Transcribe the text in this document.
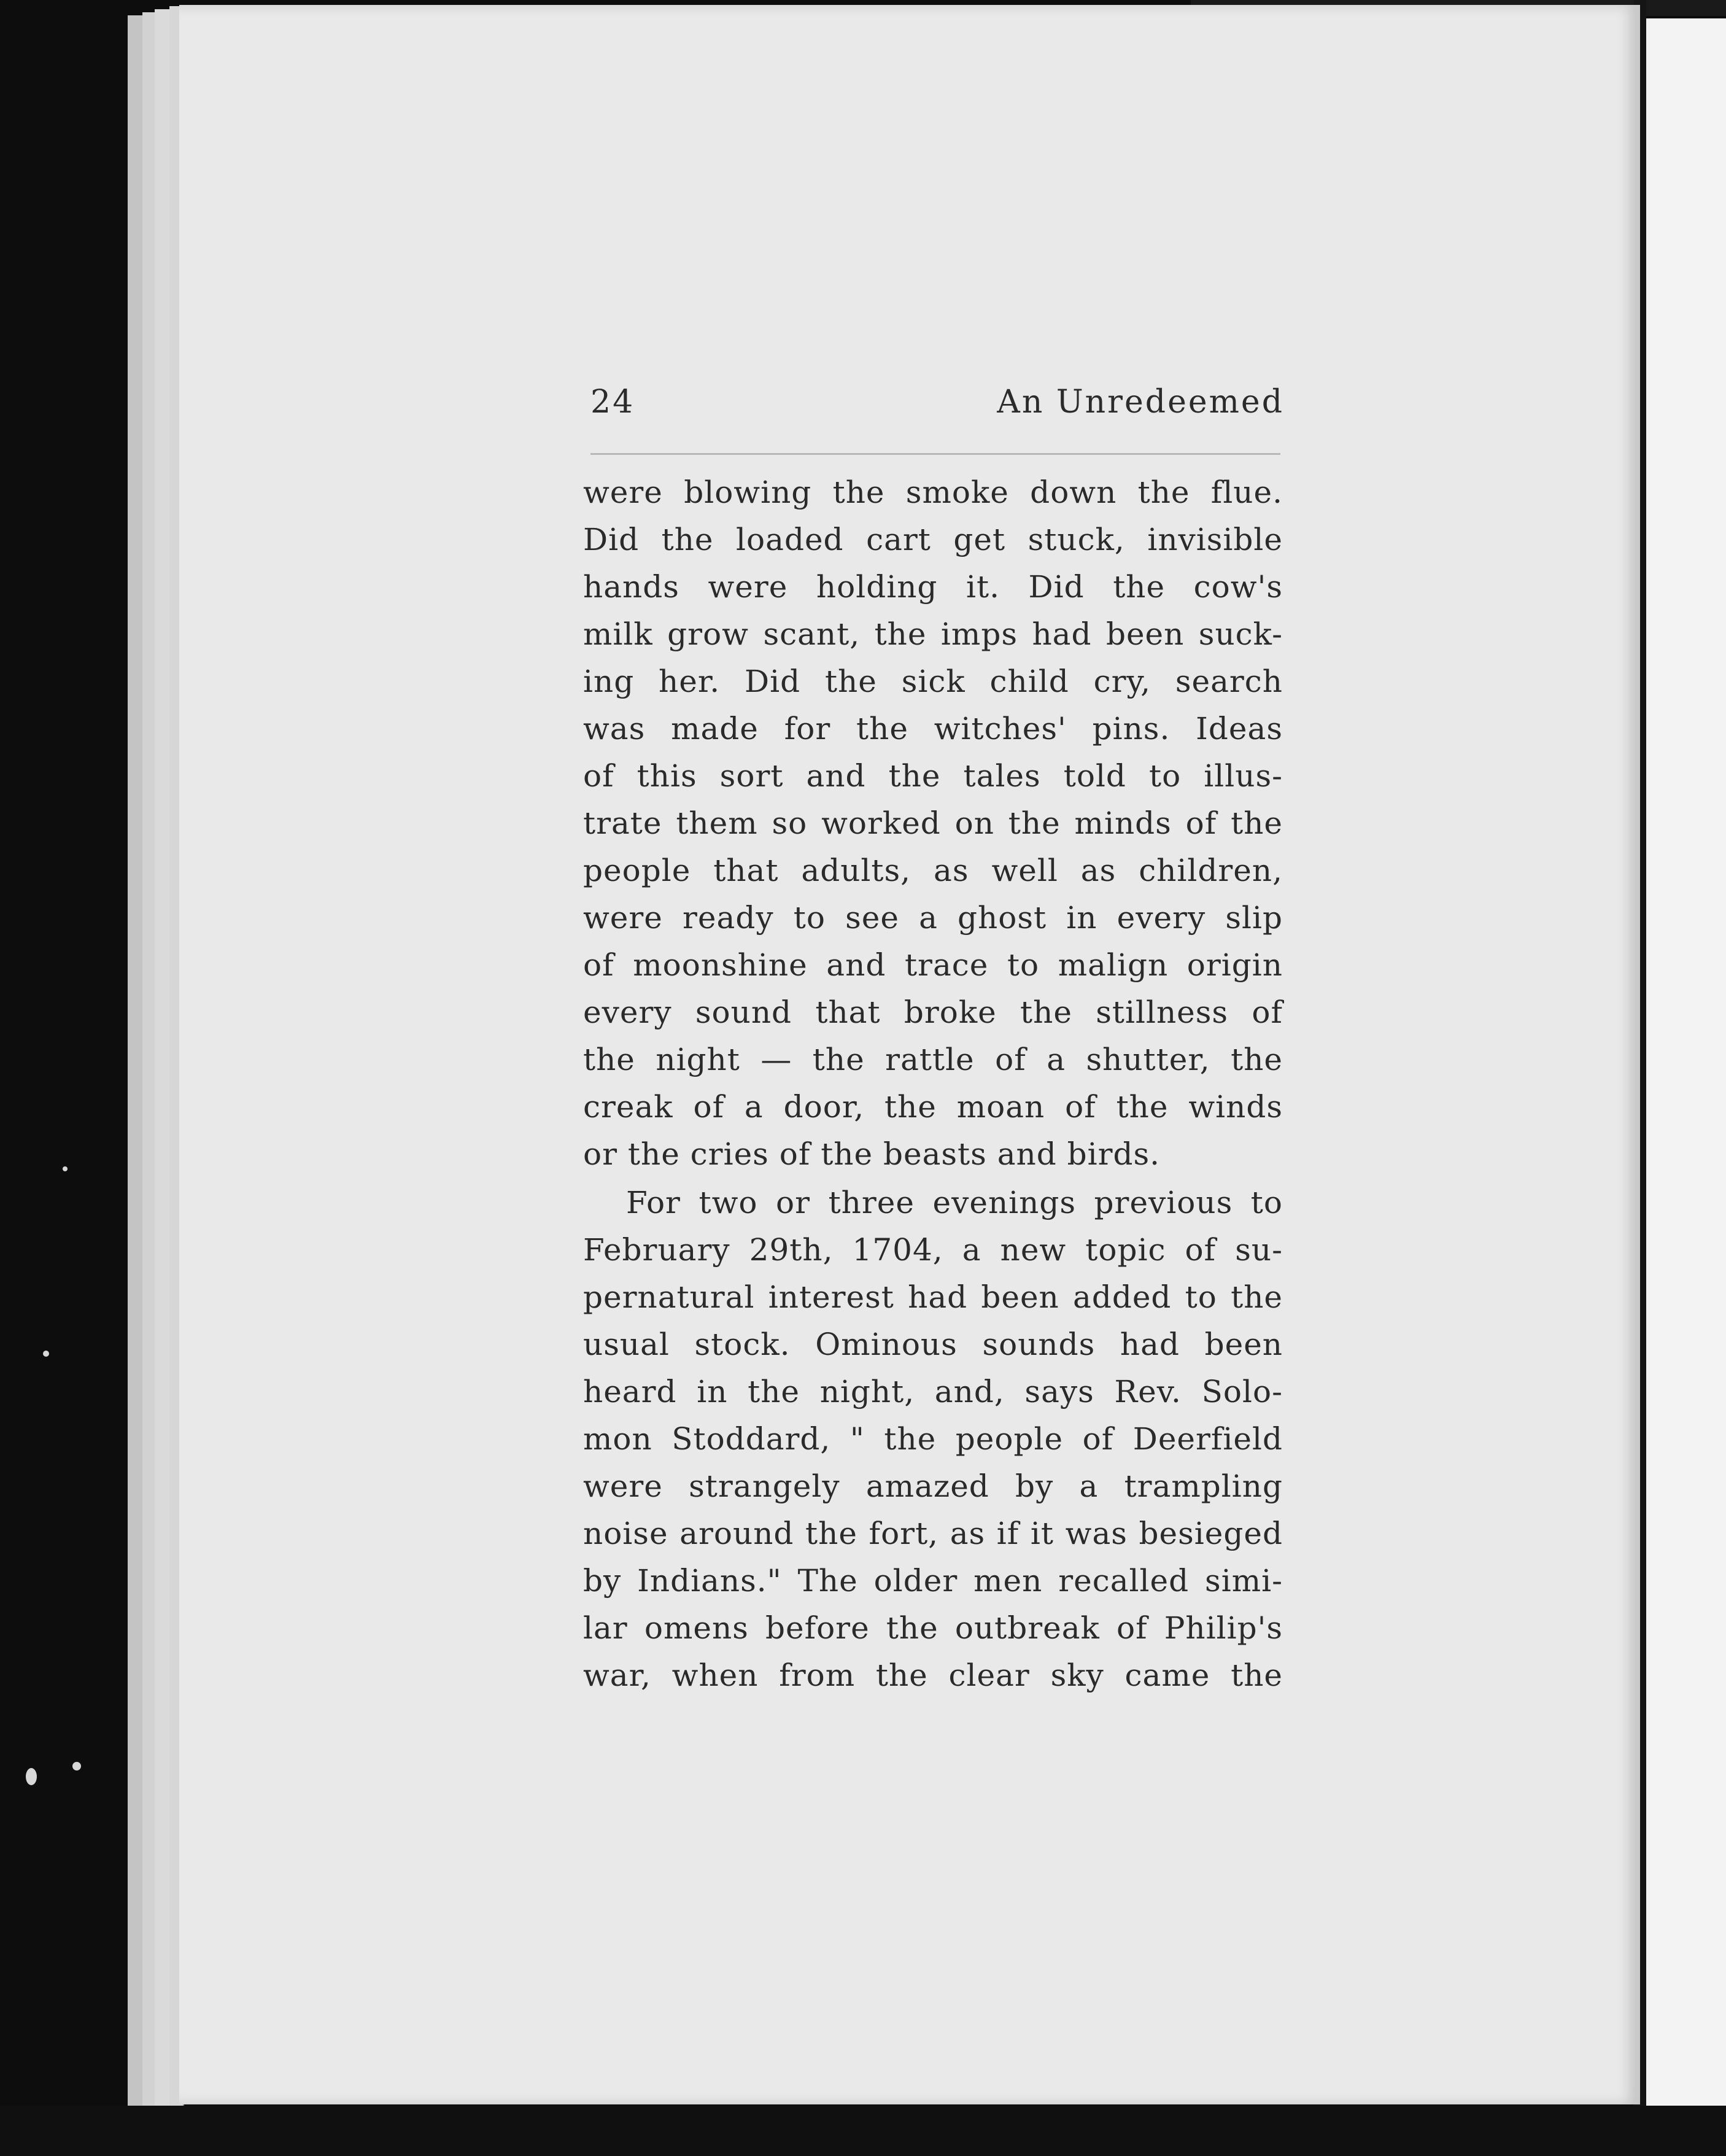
24	An Unredeemed
were blowing the smoke down the flue.
Did the loaded cart get stuck, invisible
hands were holding it. Did the cow's
milk grow scant, the imps had been suck-
ing her. Did the sick child cry, search
was made for the witches' pins. Ideas
of this sort and the tales told to illus-
trate them so worked on the minds of the
people that adults, as well as children,
were ready to see a ghost in every slip
of moonshine and trace to malign origin
every sound that broke the stillness of
the night — the rattle of a shutter, the
creak of a door, the moan of the winds
or the cries of the beasts and birds.
For two or three evenings previous to
February 29th, 1704, a new topic of su-
pernatural interest had been added to the
usual stock. Ominous sounds had been
heard in the night, and, says Rev. Solo-
mon Stoddard, " the people of Deerfield
were strangely amazed by a trampling
noise around the fort, as if it was besieged
by Indians." The older men recalled simi-
lar omens before the outbreak of Philip's
war, when from the clear sky came the
